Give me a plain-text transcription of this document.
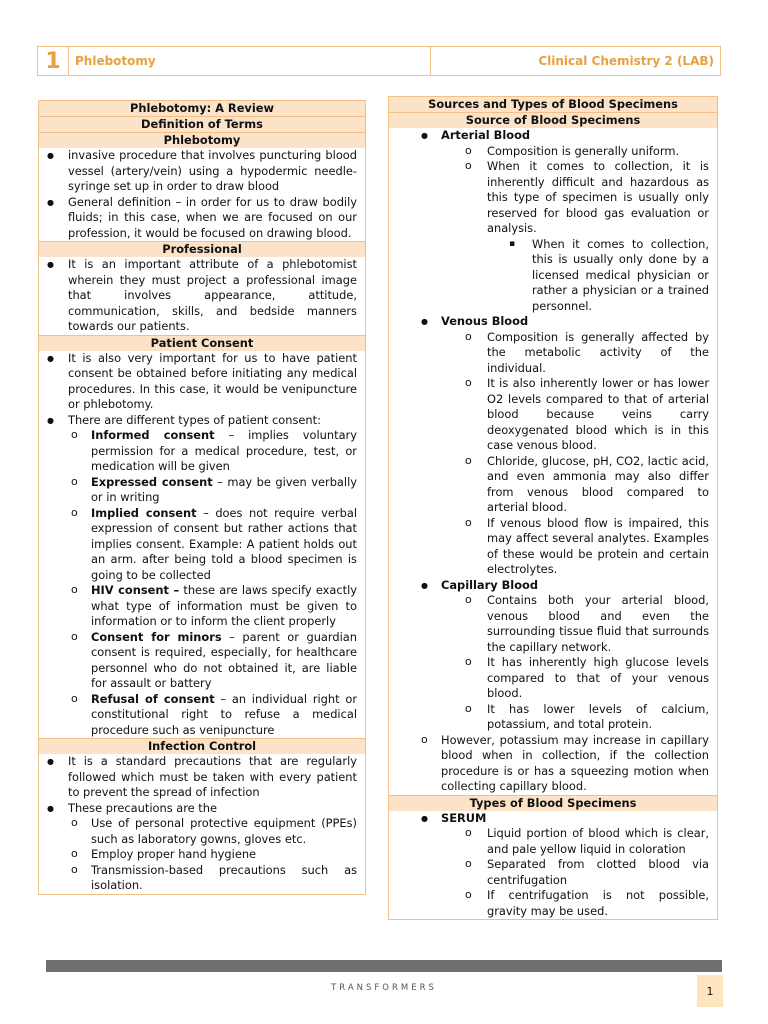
1	Phlebotomy	Clinical Chemistry 2 (LAB)
Phlebotomy: A Review
Definition of Terms
Phlebotomy
● invasive procedure that involves puncturing blood vessel (artery/vein) using a hypodermic needle-syringe set up in order to draw blood
● General definition – in order for us to draw bodily fluids; in this case, when we are focused on our profession, it would be focused on drawing blood.
Professional
● It is an important attribute of a phlebotomist wherein they must project a professional image that involves appearance, attitude, communication, skills, and bedside manners towards our patients.
Patient Consent
● It is also very important for us to have patient consent be obtained before initiating any medical procedures. In this case, it would be venipuncture or phlebotomy.
● There are different types of patient consent:
o Informed consent – implies voluntary permission for a medical procedure, test, or medication will be given
o Expressed consent – may be given verbally or in writing
o Implied consent – does not require verbal expression of consent but rather actions that implies consent. Example: A patient holds out an arm. after being told a blood specimen is going to be collected
o HIV consent – these are laws specify exactly what type of information must be given to information or to inform the client properly
o Consent for minors – parent or guardian consent is required, especially, for healthcare personnel who do not obtained it, are liable for assault or battery
o Refusal of consent – an individual right or constitutional right to refuse a medical procedure such as venipuncture
Infection Control
● It is a standard precautions that are regularly followed which must be taken with every patient to prevent the spread of infection
● These precautions are the
o Use of personal protective equipment (PPEs) such as laboratory gowns, gloves etc.
o Employ proper hand hygiene
o Transmission-based precautions such as isolation.
Sources and Types of Blood Specimens
Source of Blood Specimens
● Arterial Blood
o Composition is generally uniform.
o When it comes to collection, it is inherently difficult and hazardous as this type of specimen is usually only reserved for blood gas evaluation or analysis.
▪ When it comes to collection, this is usually only done by a licensed medical physician or rather a physician or a trained personnel.
● Venous Blood
o Composition is generally affected by the metabolic activity of the individual.
o It is also inherently lower or has lower O2 levels compared to that of arterial blood because veins carry deoxygenated blood which is in this case venous blood.
o Chloride, glucose, pH, CO2, lactic acid, and even ammonia may also differ from venous blood compared to arterial blood.
o If venous blood flow is impaired, this may affect several analytes. Examples of these would be protein and certain electrolytes.
● Capillary Blood
o Contains both your arterial blood, venous blood and even the surrounding tissue fluid that surrounds the capillary network.
o It has inherently high glucose levels compared to that of your venous blood.
o It has lower levels of calcium, potassium, and total protein.
o However, potassium may increase in capillary blood when in collection, if the collection procedure is or has a squeezing motion when collecting capillary blood.
Types of Blood Specimens
● SERUM
o Liquid portion of blood which is clear, and pale yellow liquid in coloration
o Separated from clotted blood via centrifugation
o If centrifugation is not possible, gravity may be used.
TRANSFORMERS	1
